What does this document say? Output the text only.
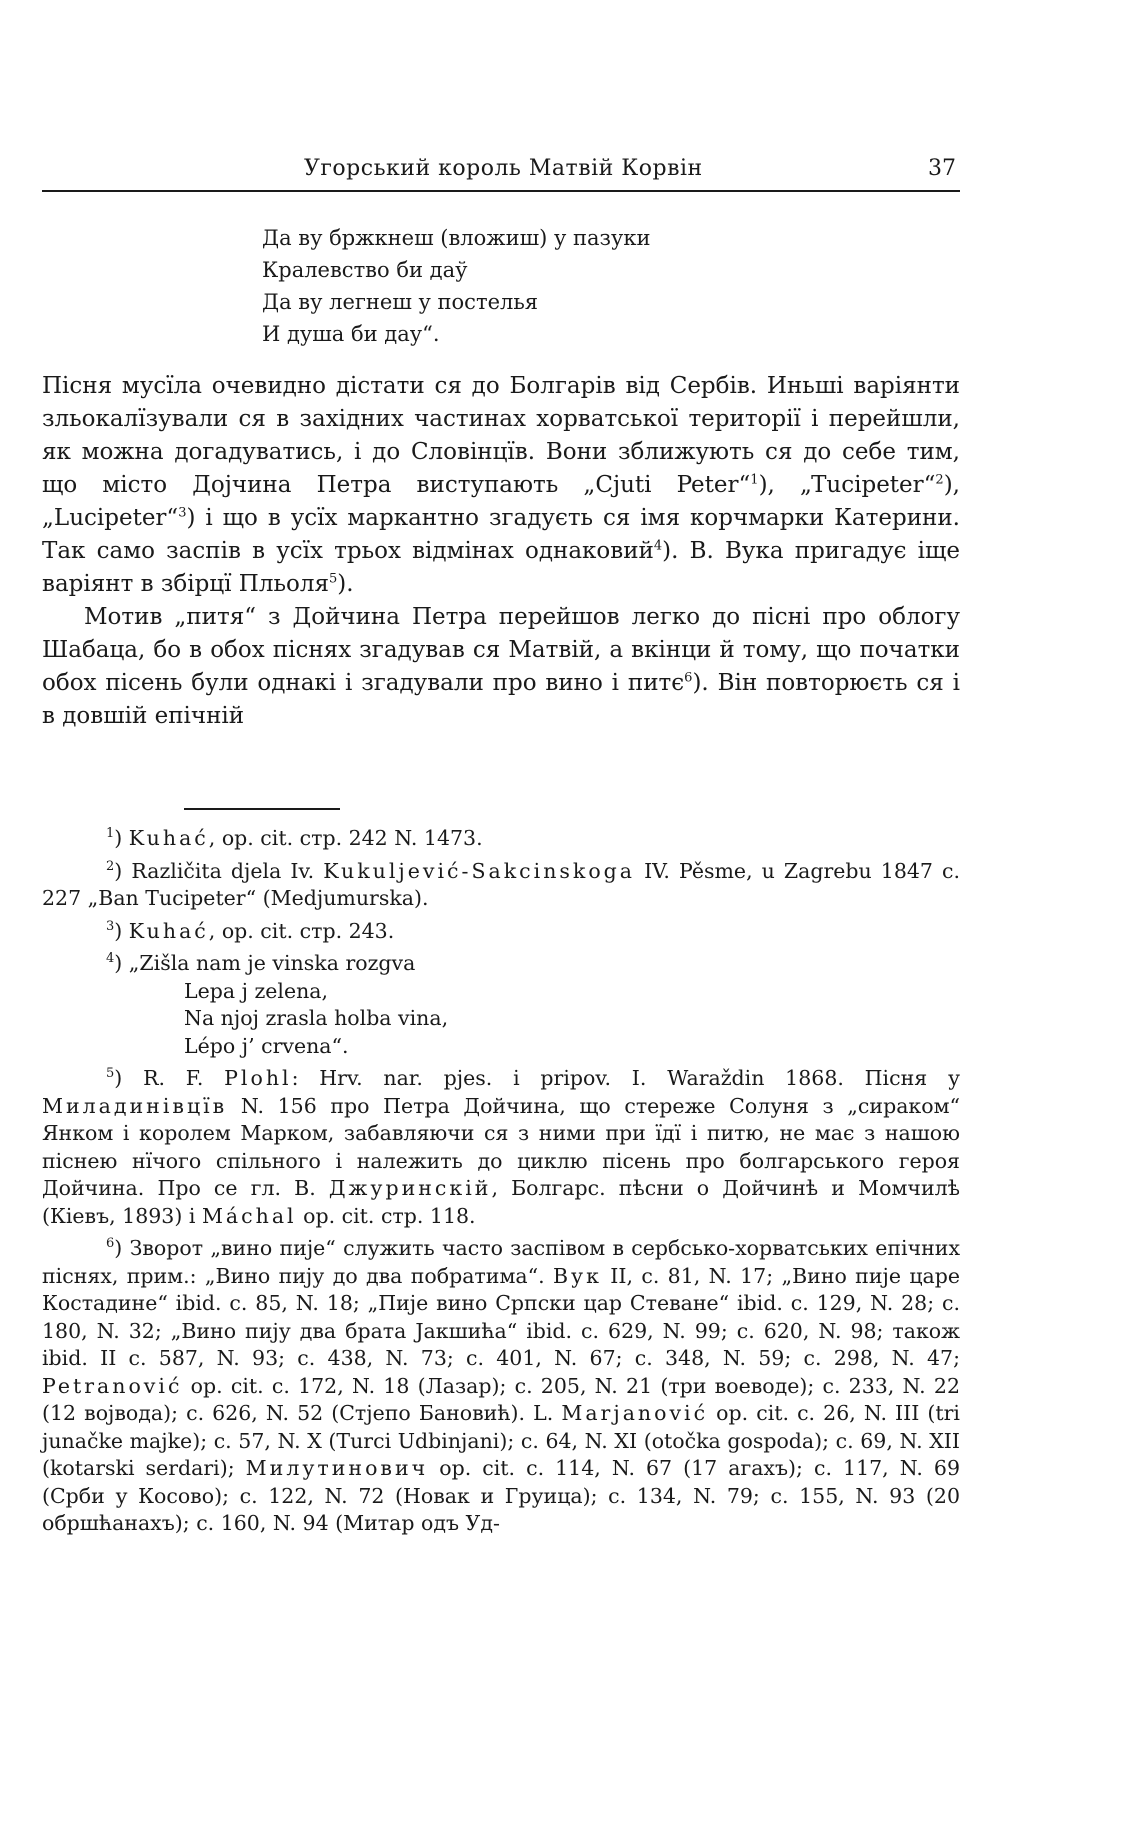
Угорський король Матвій Корвін	37
Да ву бржкнеш (вложиш) у пазуки
Кралевство би даў
Да ву легнеш у постелья
И душа би дау“.

Пісня мусїла очевидно дістати ся до Болгарів від Сербів. Иньші варіянти зльокалїзували ся в західних частинах хорватської території і перейшли, як можна догадуватись, і до Словінцїв. Вони зближують ся до себе тим, що місто Дојчина Петра виступають „Cjuti Peter“$^1$), „Tucipeter“$^2$), „Lucipeter“$^3$) і що в усїх маркантно згадуєть ся імя корчмарки Катерини. Так само заспів в усїх трьох відмінах однаковий$^4$). В. Вука пригадує іще варіянт в збірцї Пльоля$^5$).

Мотив „питя“ з Дойчина Петра перейшов легко до пісні про облогу Шабаца, бо в обох піснях згадував ся Матвій, а вкінци й тому, що початки обох пісень були однакі і згадували про вино і питє$^6$). Він повторюєть ся і в довшій епічній

$^1$) Kuhać, op. cit. стр. 242 N. 1473.

$^2$) Različita djela Iv. Kukuljević-Sakcinskoga IV. Pěsme, u Zagrebu 1847 c. 227 „Ban Tucipeter“ (Medjumurska).

$^3$) Kuhać, op. cit. стр. 243.

$^4$) „Zišla nam je vinska rozgva

Lepa j zelena,

Na njoj zrasla holba vina,

Lépo j’ crvena“.

$^5$) R. F. Plohl: Hrv. nar. pjes. i pripov. I. Waraždin 1868. Пісня у Миладинівцїв N. 156 про Петра Дойчина, що стереже Солуня з „сираком“ Янком і королем Марком, забавляючи ся з ними при їдї і питю, не має з нашою піснею нїчого спільного і належить до циклю пісень про болгарського героя Дойчина. Про се гл. В. Джуринскій, Болгарс. пѣсни о Дойчинѣ и Момчилѣ (Кіевъ, 1893) і Máchal op. cit. стр. 118.

$^6$) Зворот „вино пије“ служить часто заспівом в сербсько-хорватських епічних піснях, прим.: „Вино пију до два побратима“. Вук II, с. 81, N. 17; „Вино пије царе Костадине“ ibid. c. 85, N. 18; „Пије вино Српски цар Стеване“ ibid. c. 129, N. 28; c. 180, N. 32; „Вино пију два брата Јакшића“ ibid. c. 629, N. 99; c. 620, N. 98; також ibid. II c. 587, N. 93; c. 438, N. 73; c. 401, N. 67; c. 348, N. 59; c. 298, N. 47; Petranović op. cit. c. 172, N. 18 (Лазар); c. 205, N. 21 (три воеводе); c. 233, N. 22 (12 војвода); c. 626, N. 52 (Стјепо Бановић). L. Marjanović op. cit. c. 26, N. III (tri junačke majke); c. 57, N. X (Turci Udbinjani); c. 64, N. XI (otočka gospoda); c. 69, N. XII (kotarski serdari); Милутинович op. cit. c. 114, N. 67 (17 агахъ); c. 117, N. 69 (Срби у Косово); c. 122, N. 72 (Новак и Груица); c. 134, N. 79; c. 155, N. 93 (20 обршћанахъ); c. 160, N. 94 (Митар одъ Уд-
